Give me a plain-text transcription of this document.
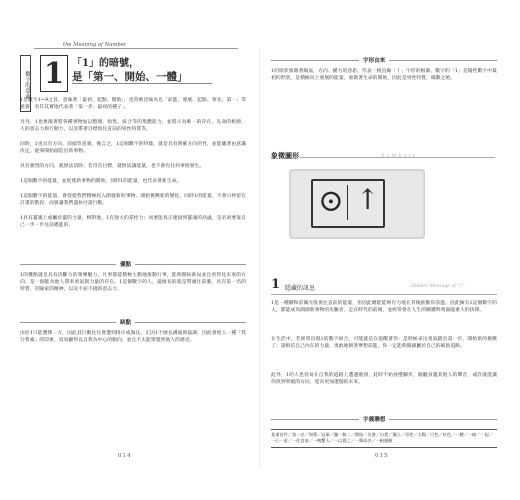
the Meaning of Number
數字的意義 1 「1」的暗號，
是「第一、開始、一體」
1是數字1~9之首，意味著「最初、起點、開始」，也常被比喻為先「前進、發展、起點、領先、第一」等意義，名符其實地代表著「第一步、最初的種子」。
另外，1也象徵著將各種事物加以整理、收集、統合等的集體能力，並將示為唯一的存在，先命的根源、人的意志力與行動力，以及帶著目標勇往直前的男性特質等。
同時，1也具有方向、前頭等意義，換言之，1這個數字的特徵，就是具有明確方向的性，並能藏著由意識決定，從零開始創造出新事物。
具有強烈的方向，就無法消除；若沒有目標，就無法讓能量，也不會有任何事情發生。
1這個數字的能量，並促使新事物的開始，同時1的能量，也代表著新生命。
1這個數字的能量，會促使我們積極投入開發新的事物、開始挑戰新的變化，同時1的能量，不會只停留在計畫的階段，而會讓我們盡快付諸行動。
1具有靈魂上或屬於靈的力量，相對地，1有強大的掌控力；而要能真正連接到靈魂的高處，是必須要靠自己一步一步往前邁進的。
優點
1的優點就是具有決斷力的領導魅力，凡事都能積極主動地推動行事，能夠開拓新局並且看得見未來的方向，是一個能為他人帶來勇氣與力量的存在。1這個數字的人，最擅長的就是帶頭往前衝，具有第一名的特質、冒險家的精神，以及不屈不撓的意志力。
缺點
由於1只能選擇一方，因此其行動往往會遭到排斥或淘汰。正因1不擅長溝通與協調，因此會給人一種「我行我素」的印象，容易顯得以自我為中心的傾向，並且不太能察覺到他人的感受。
014
字形由來
1的原狀象徵著陽氣，方向、權力的意思，代表一根直線「丨」字形的根源。數字的「1」是陽性數字中最初的形狀，是積極向上發展的能量，象徵著生命的開始，因此是男性特質，陽數之始。
象徵圖形	Symbols
⊙ ↑
1 隱藏的訊息	Hidden Message of "1"
1是一種剛和雷厲光般勇往直前的能量，但因此總能能夠有力地在背後推動你前進。因此擁有1這個數字的人，都能成為開創新事物的先驅者，走在時代的前端，並經常會在人生的關鍵時刻面臨重大的抉擇。
在生活中，若經常出現1的數字組合，可能就是在提醒著你：是時候拿出勇氣踏出第一步，開始新的挑戰了；請相信自己內在的力量，勇敢地朝著夢想前進，你一定能夠開創屬於自己的嶄新道路。
此外，1的人也容易在自我的道路上遭遇瓶頸，此時不妨放慢腳步，傾聽身邊其他人的聲音，或許就能讓你找到突破的方向，迎向更加遼闊的未來。
字義聯想
某項首件／第一名／領導／冠軍／獨一無二／開始／出發／自我／獨立／男性／太陽／白色／紅色／一體／一線／一起／一心一意／一往直前／一鳴驚人／一以貫之／一舉成名／一帆風順
015
